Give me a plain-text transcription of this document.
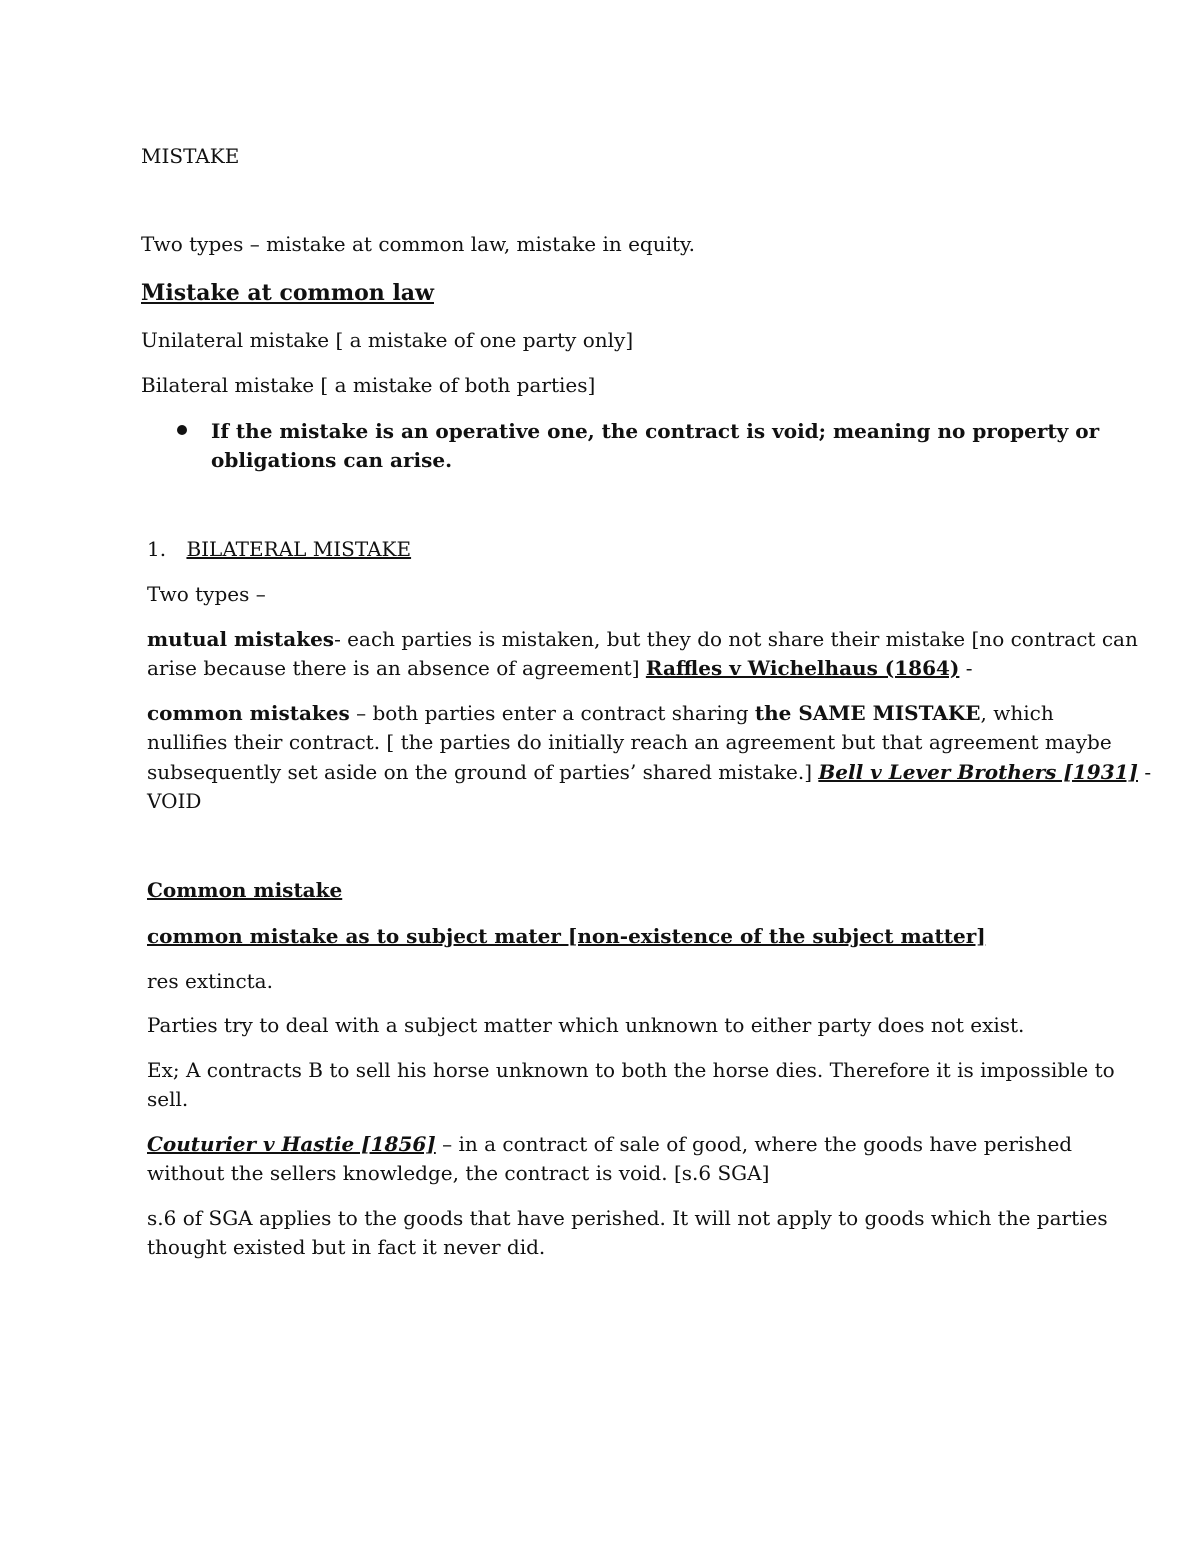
MISTAKE

Two types – mistake at common law, mistake in equity.

Mistake at common law

Unilateral mistake [ a mistake of one party only]

Bilateral mistake [ a mistake of both parties]

If the mistake is an operative one, the contract is void; meaning no property or

obligations can arise.

1. BILATERAL MISTAKE

Two types –

mutual mistakes- each parties is mistaken, but they do not share their mistake [no contract can

arise because there is an absence of agreement] Raffles v Wichelhaus (1864) -

common mistakes – both parties enter a contract sharing the SAME MISTAKE, which

nullifies their contract. [ the parties do initially reach an agreement but that agreement maybe

subsequently set aside on the ground of parties’ shared mistake.] Bell v Lever Brothers [1931] -

VOID

Common mistake

common mistake as to subject mater [non-existence of the subject matter]

res extincta.

Parties try to deal with a subject matter which unknown to either party does not exist.

Ex; A contracts B to sell his horse unknown to both the horse dies. Therefore it is impossible to

sell.

Couturier v Hastie [1856] – in a contract of sale of good, where the goods have perished

without the sellers knowledge, the contract is void. [s.6 SGA]

s.6 of SGA applies to the goods that have perished. It will not apply to goods which the parties

thought existed but in fact it never did.
